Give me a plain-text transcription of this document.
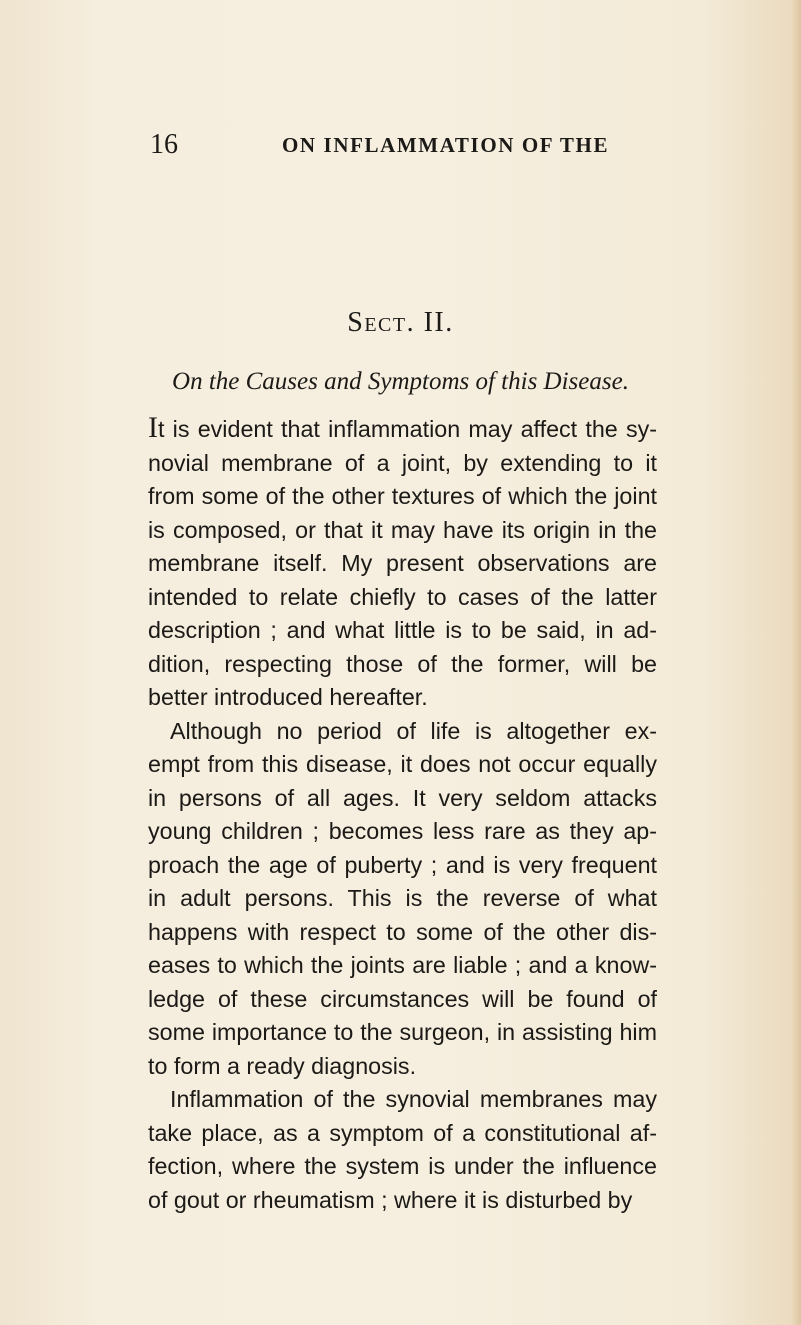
16	ON INFLAMMATION OF THE
Sect. II.
On the Causes and Symptoms of this Disease.

It is evident that inflammation may affect the sy- novial membrane of a joint, by extending to it from some of the other textures of which the joint is composed, or that it may have its origin in the membrane itself. My present observations are intended to relate chiefly to cases of the latter description ; and what little is to be said, in ad- dition, respecting those of the former, will be better introduced hereafter.

Although no period of life is altogether ex- empt from this disease, it does not occur equally in persons of all ages. It very seldom attacks young children ; becomes less rare as they ap- proach the age of puberty ; and is very frequent in adult persons. This is the reverse of what happens with respect to some of the other dis- eases to which the joints are liable ; and a know- ledge of these circumstances will be found of some importance to the surgeon, in assisting him to form a ready diagnosis.

Inflammation of the synovial membranes may take place, as a symptom of a constitutional af- fection, where the system is under the influence of gout or rheumatism ; where it is disturbed by
